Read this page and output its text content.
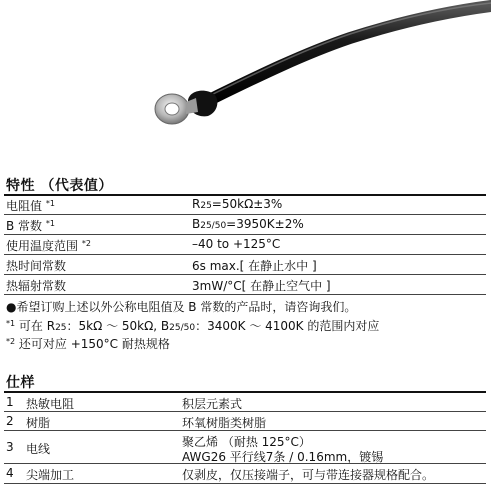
特性 （代表值）
电阻值 $^{*1}$	R25=50kΩ±3%
B 常数 $^{*1}$	B25/50=3950K±2%
使用温度范围 $^{*2}$	–40 to +125°C
热时间常数	6s max.[ 在静止水中 ]
热辐射常数	3mW/°C[ 在静止空气中 ]
●希望订购上述以外公称电阻值及 B 常数的产品时，请咨询我们。
$^{*1}$ 可在 R25：5kΩ ～ 50kΩ, B25/50：3400K ～ 4100K 的范围内对应
$^{*2}$ 还可对应 +150°C 耐热规格
仕样
1 热敏电阻	积层元素式
2 树脂	环氧树脂类树脂
3 电线	聚乙烯 （耐热 125°C）
AWG26 平行线7条 / 0.16mm，镀锡
4 尖端加工	仅剥皮，仅压接端子，可与带连接器规格配合。
